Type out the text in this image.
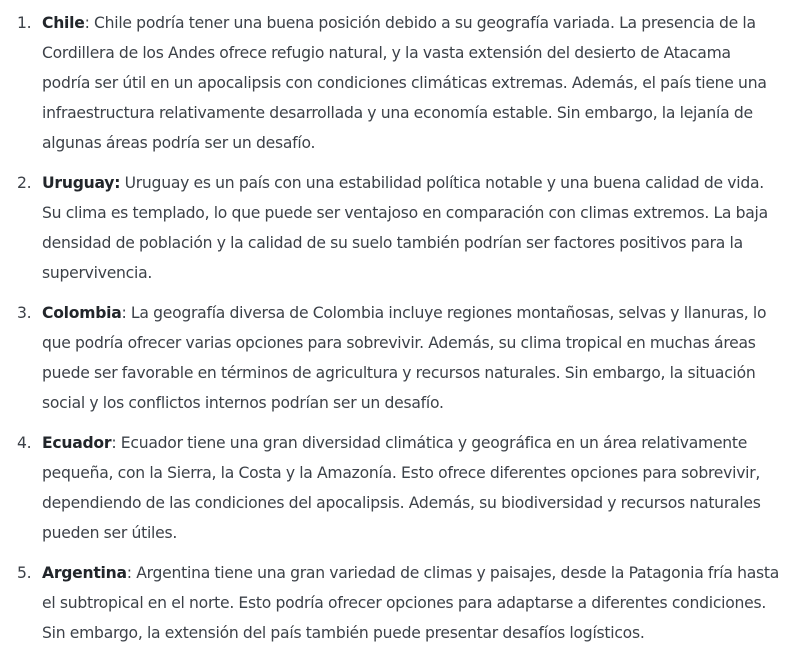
1. Chile: Chile podría tener una buena posición debido a su geografía variada. La presencia de la Cordillera de los Andes ofrece refugio natural, y la vasta extensión del desierto de Atacama podría ser útil en un apocalipsis con condiciones climáticas extremas. Además, el país tiene una infraestructura relativamente desarrollada y una economía estable. Sin embargo, la lejanía de algunas áreas podría ser un desafío.
2. Uruguay: Uruguay es un país con una estabilidad política notable y una buena calidad de vida. Su clima es templado, lo que puede ser ventajoso en comparación con climas extremos. La baja densidad de población y la calidad de su suelo también podrían ser factores positivos para la supervivencia.
3. Colombia: La geografía diversa de Colombia incluye regiones montañosas, selvas y llanuras, lo que podría ofrecer varias opciones para sobrevivir. Además, su clima tropical en muchas áreas puede ser favorable en términos de agricultura y recursos naturales. Sin embargo, la situación social y los conflictos internos podrían ser un desafío.
4. Ecuador: Ecuador tiene una gran diversidad climática y geográfica en un área relativamente pequeña, con la Sierra, la Costa y la Amazonía. Esto ofrece diferentes opciones para sobrevivir, dependiendo de las condiciones del apocalipsis. Además, su biodiversidad y recursos naturales pueden ser útiles.
5. Argentina: Argentina tiene una gran variedad de climas y paisajes, desde la Patagonia fría hasta el subtropical en el norte. Esto podría ofrecer opciones para adaptarse a diferentes condiciones. Sin embargo, la extensión del país también puede presentar desafíos logísticos.
